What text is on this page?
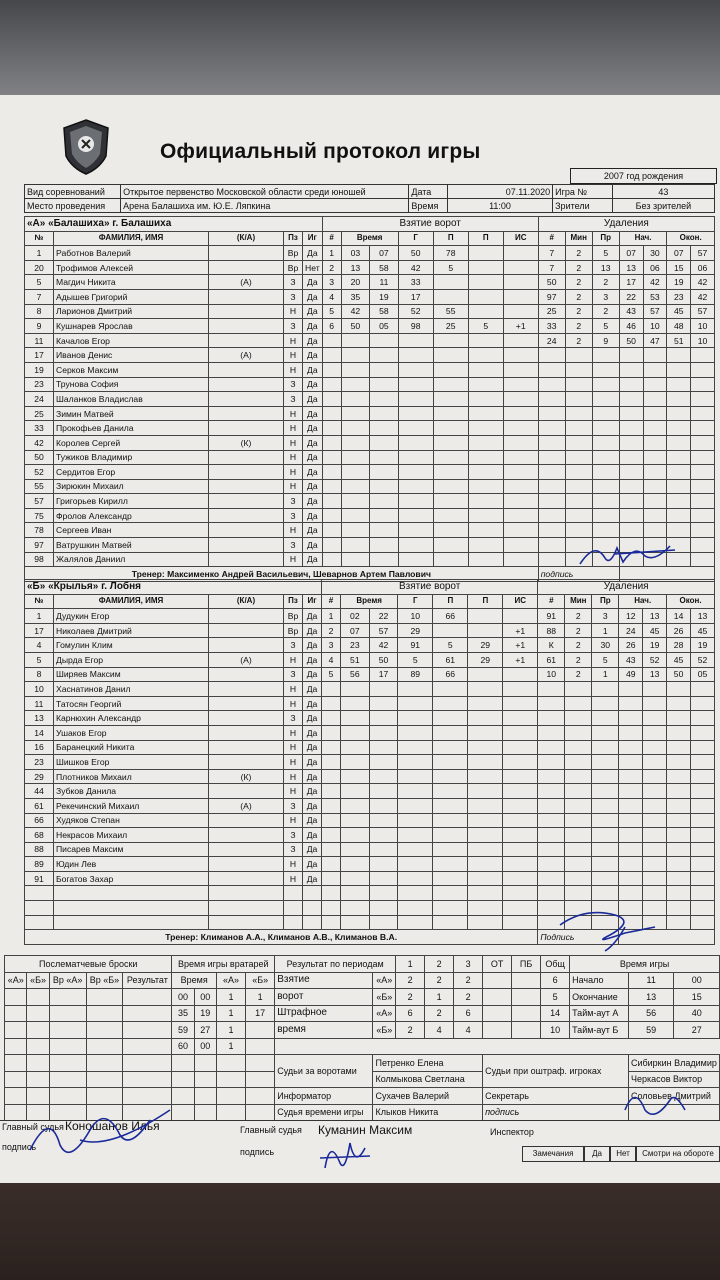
Официальный протокол игры
2007 год рождения
Вид соревнований	Открытое первенство Московской области среди юношей	Дата	07.11.2020	Игра №	43
Место проведения	Арена Балашиха им. Ю.Е. Ляпкина	Время	11:00	Зрители	Без зрителей
«А» «Балашиха» г. Балашиха					Взятие ворот							Удаления						
№	ФАМИЛИЯ, ИМЯ	(К/А)	Пз	Иг	#	Время		Г	П	П	ИС	#	Мин	Пр	Нач.		Окон.	
1	Работнов Валерий		Вр	Да	1	03	07	50	78			7	2	5	07	30	07	57
20	Трофимов Алексей		Вр	Нет	2	13	58	42	5			7	2	13	13	06	15	06
5	Магдич Никита	(А)	З	Да	3	20	11	33				50	2	2	17	42	19	42
7	Адышев Григорий		З	Да	4	35	19	17				97	2	3	22	53	23	42
8	Ларионов Дмитрий		Н	Да	5	42	58	52	55			25	2	2	43	57	45	57
9	Кушнарев Ярослав		З	Да	6	50	05	98	25	5	+1	33	2	5	46	10	48	10
11	Качалов Егор		Н	Да								24	2	9	50	47	51	10
17	Иванов Денис	(А)	Н	Да														
19	Серков Максим		Н	Да														
23	Трунова София		З	Да														
24	Шаланков Владислав		З	Да														
25	Зимин Матвей		Н	Да														
33	Прокофьев Данила		Н	Да														
42	Королев Сергей	(К)	Н	Да														
50	Тужиков Владимир		Н	Да														
52	Сердитов Егор		Н	Да														
55	Зирюкин Михаил		Н	Да														
57	Григорьев Кирилл		З	Да														
75	Фролов Александр		З	Да														
78	Сергеев Иван		Н	Да														
97	Ватрушкин Матвей		З	Да														
98	Жалялов Даниил		Н	Да														
Тренер: Максименко Андрей Васильевич, Шеварнов Артем Павлович												подпись						
«Б» «Крылья» г. Лобня					Взятие ворот							Удаления						
№	ФАМИЛИЯ, ИМЯ	(К/А)	Пз	Иг	#	Время		Г	П	П	ИС	#	Мин	Пр	Нач.		Окон.	
1	Дудукин Егор		Вр	Да	1	02	22	10	66			91	2	3	12	13	14	13
17	Николаев Дмитрий		Вр	Да	2	07	57	29			+1	88	2	1	24	45	26	45
4	Гомулин Клим		З	Да	3	23	42	91	5	29	+1	К	2	30	26	19	28	19
5	Дырда Егор	(А)	Н	Да	4	51	50	5	61	29	+1	61	2	5	43	52	45	52
8	Ширяев Максим		З	Да	5	56	17	89	66			10	2	1	49	13	50	05
10	Хаснатинов Данил		Н	Да														
11	Татосян Георгий		Н	Да														
13	Карнюхин Александр		З	Да														
14	Ушаков Егор		Н	Да														
16	Баранецкий Никита		Н	Да														
23	Шишков Егор		Н	Да														
29	Плотников Михаил	(К)	Н	Да														
44	Зубков Данила		Н	Да														
61	Рекечинский Михаил	(А)	З	Да														
66	Худяков Степан		Н	Да														
68	Некрасов Михаил		З	Да														
88	Писарев Максим		З	Да														
89	Юдин Лев		Н	Да														
91	Богатов Захар		Н	Да														

Тренер: Климанов А.А., Климанов А.В., Климанов В.А.												Подпись						
Послематчевые броски					Время игры вратарей				Результат по периодам		1	2	3	ОТ	ПБ	Общ	Время игры		
«А»	«Б»	Вр «А»	Вр «Б»	Результат	Время		«А»	«Б»	Взятие	«А»	2	2	2			6	Начало	11	00
					00	00	1	1	ворот	«Б»	2	1	2			5	Окончание	13	15
					35	19	1	17	Штрафное	«А»	6	2	6			14	Тайм-аут А	56	40
					59	27	1		время	«Б»	2	4	4			10	Тайм-аут Б	59	27
					60	00	1												
									Судьи за воротами	Петренко Елена				Судьи при оштраф. игроках				Сибиркин Владимир	
										Колмыкова Светлана								Черкасов Виктор	
									Информатор	Сухачев Валерий				Секретарь				Соловьев Дмитрий	
									Судья времени игры	Клыков Никита				подпись					
Главный судья Коношанов Илья
подпись
Главный судья Куманин Максим
подпись
Инспектор
Замечания	Да	Нет	Смотри на обороте
